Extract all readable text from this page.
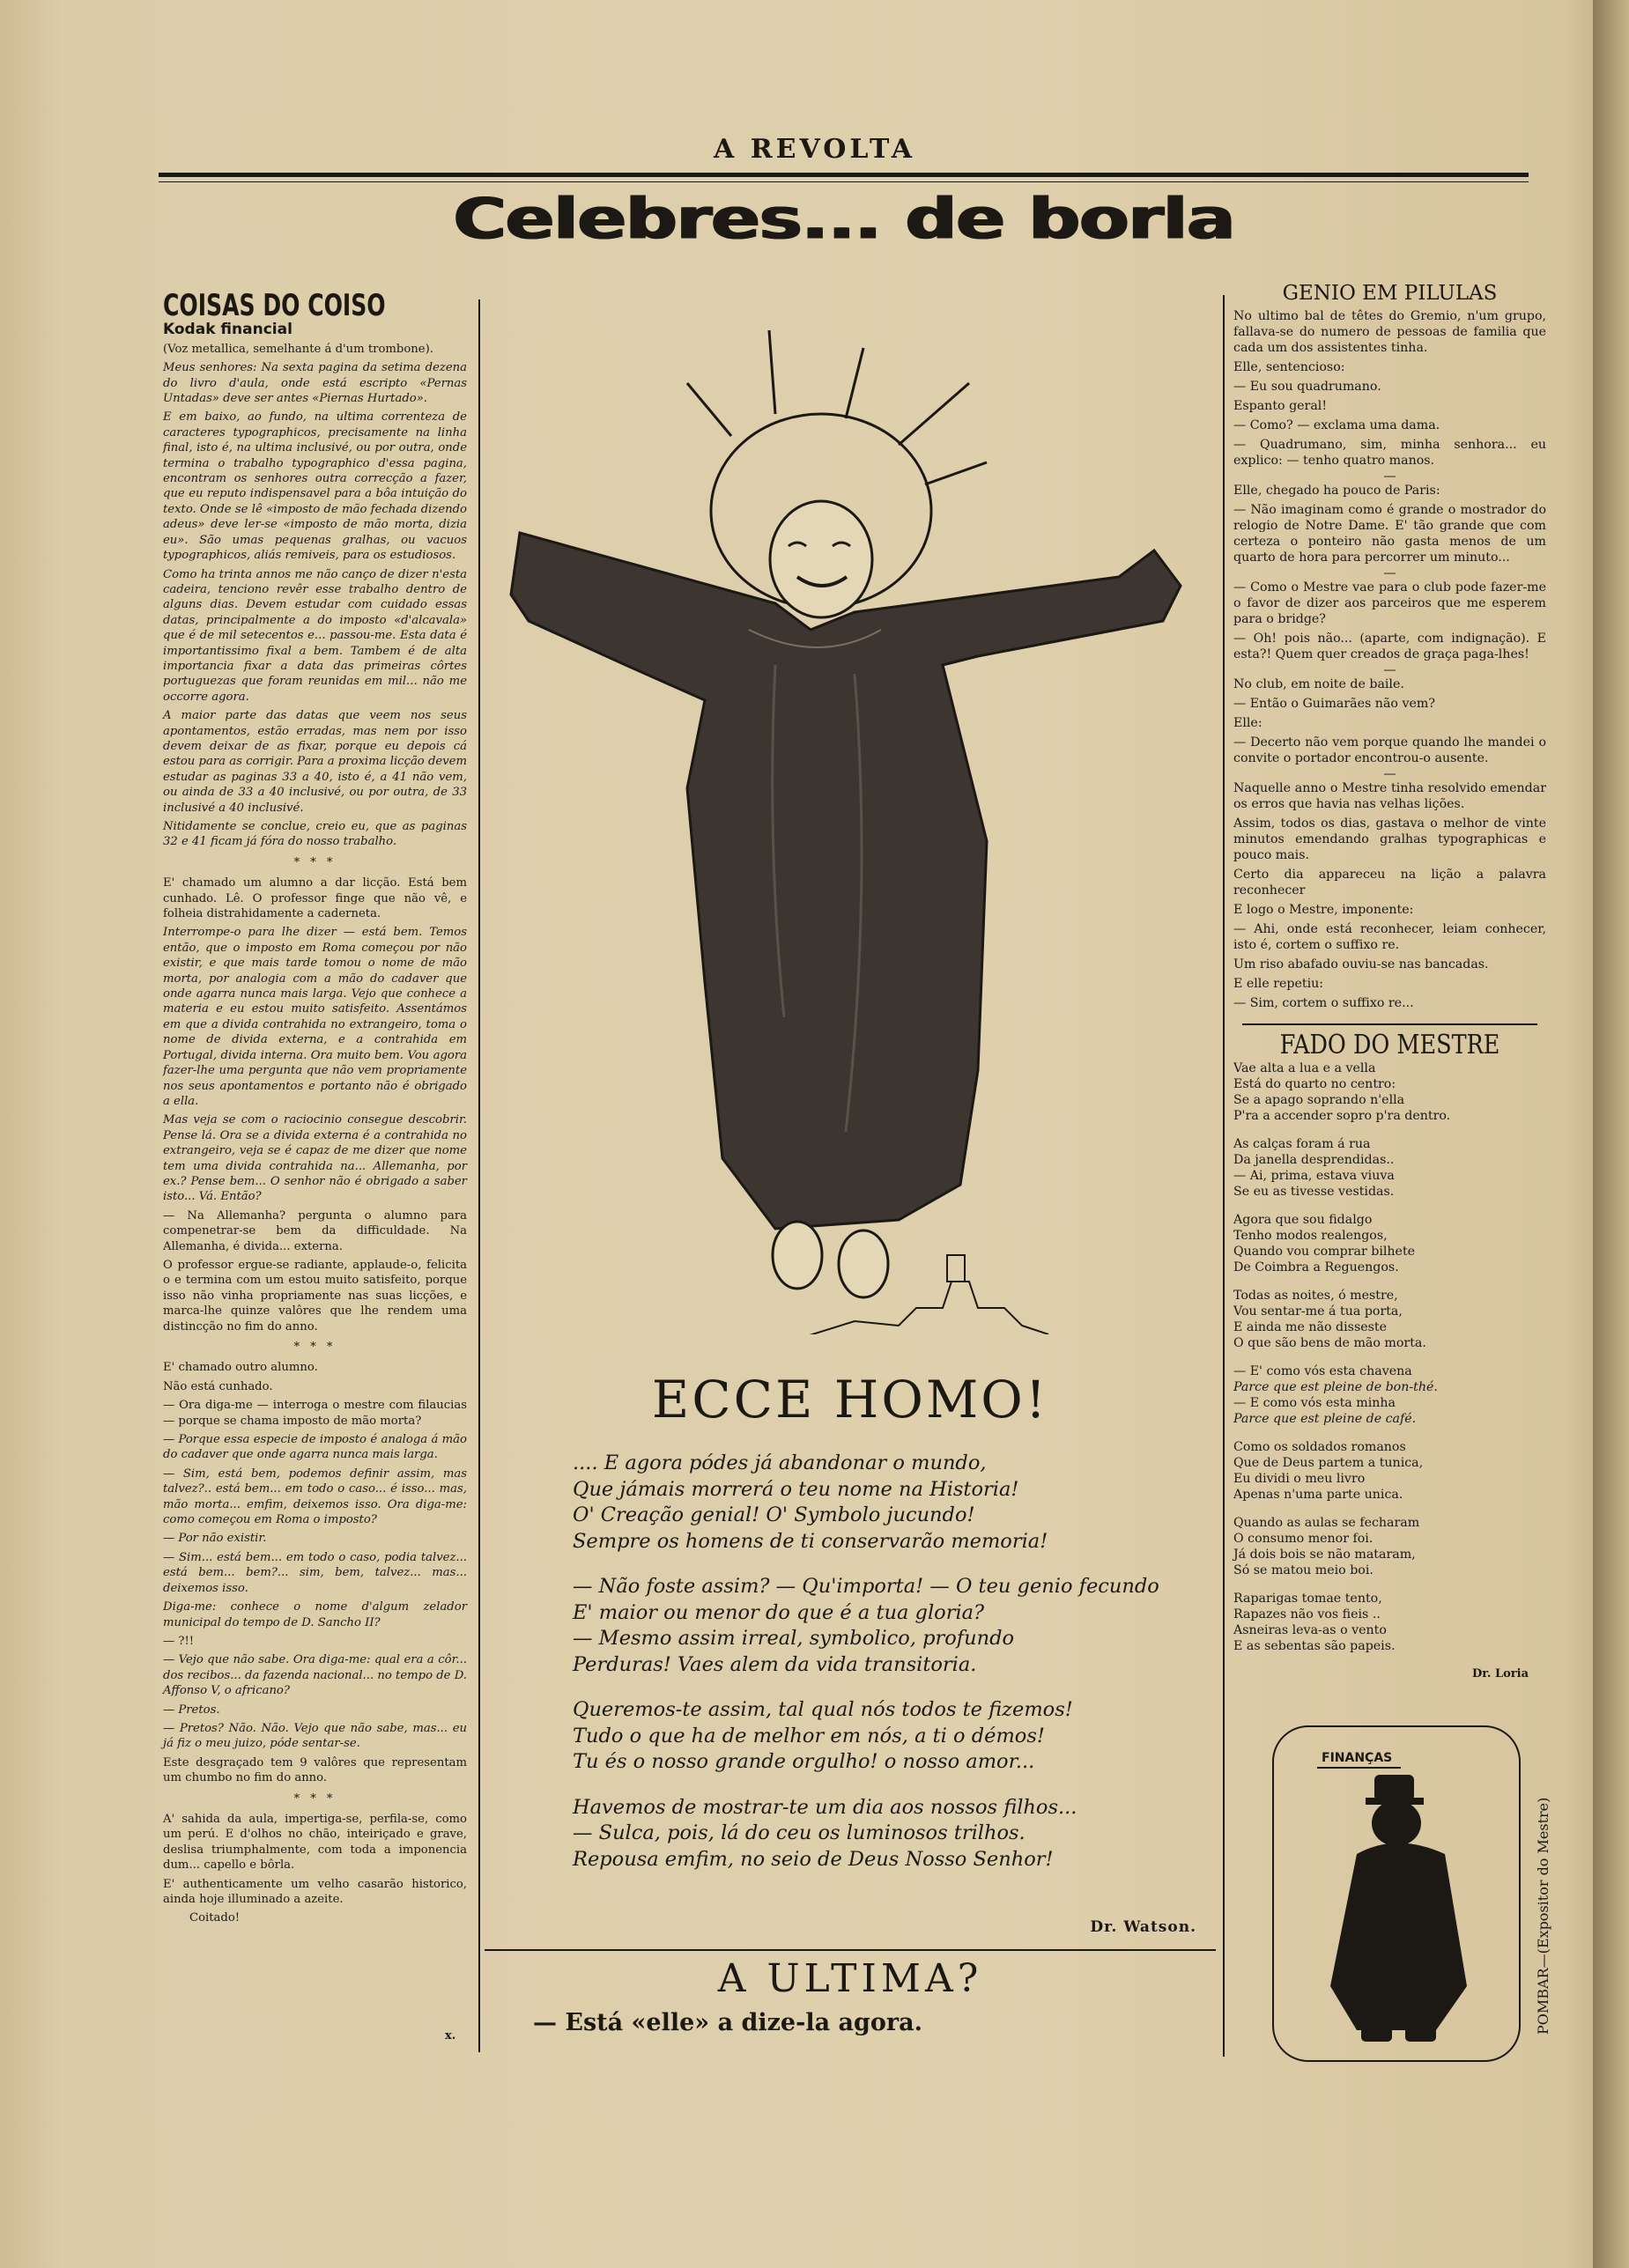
A REVOLTA
Celebres... de borla
COISAS DO COISO
Kodak financial

(Voz metallica, semelhante á d'um trombone).

Meus senhores: Na sexta pagina da setima dezena do livro d'aula, onde está escripto «Pernas Untadas» deve ser antes «Piernas Hurtado».

E em baixo, ao fundo, na ultima correnteza de caracteres typographicos, precisamente na linha final, isto é, na ultima inclusivé, ou por outra, onde termina o trabalho typographico d'essa pagina, encontram os senhores outra correcção a fazer, que eu reputo indispensavel para a bôa intuição do texto. Onde se lê «imposto de mão fechada dizendo adeus» deve ler-se «imposto de mão morta, dizia eu». São umas pequenas gralhas, ou vacuos typographicos, aliás remiveis, para os estudiosos.

Como ha trinta annos me não canço de dizer n'esta cadeira, tenciono revêr esse trabalho dentro de alguns dias. Devem estudar com cuidado essas datas, principalmente a do imposto «d'alcavala» que é de mil setecentos e... passou-me. Esta data é importantissimo fixal a bem. Tambem é de alta importancia fixar a data das primeiras côrtes portuguezas que foram reunidas em mil... não me occorre agora.

A maior parte das datas que veem nos seus apontamentos, estão erradas, mas nem por isso devem deixar de as fixar, porque eu depois cá estou para as corrigir. Para a proxima licção devem estudar as paginas 33 a 40, isto é, a 41 não vem, ou ainda de 33 a 40 inclusivé, ou por outra, de 33 inclusivé a 40 inclusivé.

Nitidamente se conclue, creio eu, que as paginas 32 e 41 ficam já fóra do nosso trabalho.

* * *

E' chamado um alumno a dar licção. Está bem cunhado. Lê. O professor finge que não vê, e folheia distrahidamente a caderneta.

Interrompe-o para lhe dizer — está bem. Temos então, que o imposto em Roma começou por não existir, e que mais tarde tomou o nome de mão morta, por analogia com a mão do cadaver que onde agarra nunca mais larga. Vejo que conhece a materia e eu estou muito satisfeito. Assentámos em que a divida contrahida no extrangeiro, toma o nome de divida externa, e a contrahida em Portugal, divida interna. Ora muito bem. Vou agora fazer-lhe uma pergunta que não vem propriamente nos seus apontamentos e portanto não é obrigado a ella.

Mas veja se com o raciocinio consegue descobrir. Pense lá. Ora se a divida externa é a contrahida no extrangeiro, veja se é capaz de me dizer que nome tem uma divida contrahida na... Allemanha, por ex.? Pense bem... O senhor não é obrigado a saber isto... Vá. Então?

— Na Allemanha? pergunta o alumno para compenetrar-se bem da difficuldade. Na Allemanha, é divida... externa.

O professor ergue-se radiante, applaude-o, felicita o e termina com um estou muito satisfeito, porque isso não vinha propriamente nas suas licções, e marca-lhe quinze valôres que lhe rendem uma distincção no fim do anno.

* * *

E' chamado outro alumno.

Não está cunhado.

— Ora diga-me — interroga o mestre com filaucias — porque se chama imposto de mão morta?

— Porque essa especie de imposto é analoga á mão do cadaver que onde agarra nunca mais larga.

— Sim, está bem, podemos definir assim, mas talvez?.. está bem... em todo o caso... é isso... mas, mão morta... emfim, deixemos isso. Ora diga-me: como começou em Roma o imposto?

— Por não existir.

— Sim... está bem... em todo o caso, podia talvez... está bem... bem?... sim, bem, talvez... mas... deixemos isso.

Diga-me: conhece o nome d'algum zelador municipal do tempo de D. Sancho II?

— ?!!

— Vejo que não sabe. Ora diga-me: qual era a côr... dos recibos... da fazenda nacional... no tempo de D. Affonso V, o africano?

— Pretos.

— Pretos? Não. Não. Vejo que não sabe, mas... eu já fiz o meu juizo, póde sentar-se.

Este desgraçado tem 9 valôres que representam um chumbo no fim do anno.

* * *

A' sahida da aula, impertiga-se, perfila-se, como um perú. E d'olhos no chão, inteiriçado e grave, deslisa triumphalmente, com toda a imponencia dum... capello e bôrla.

E' authenticamente um velho casarão historico, ainda hoje illuminado a azeite.

Coitado!

x.
ECCE HOMO!
.... E agora pódes já abandonar o mundo,
Que jámais morrerá o teu nome na Historia!
O' Creação genial! O' Symbolo jucundo!
Sempre os homens de ti conservarão memoria!
— Não foste assim? — Qu'importa! — O teu genio fecundo
E' maior ou menor do que é a tua gloria?
— Mesmo assim irreal, symbolico, profundo
Perduras! Vaes alem da vida transitoria.
Queremos-te assim, tal qual nós todos te fizemos!
Tudo o que ha de melhor em nós, a ti o démos!
Tu és o nosso grande orgulho! o nosso amor...
Havemos de mostrar-te um dia aos nossos filhos...
— Sulca, pois, lá do ceu os luminosos trilhos.
Repousa emfim, no seio de Deus Nosso Senhor!
Dr. Watson.
A ULTIMA?
— Está «elle» a dize-la agora.
GENIO EM PILULAS

No ultimo bal de têtes do Gremio, n'um grupo, fallava-se do numero de pessoas de familia que cada um dos assistentes tinha.

Elle, sentencioso:

— Eu sou quadrumano.

Espanto geral!

— Como? — exclama uma dama.

— Quadrumano, sim, minha senhora... eu explico: — tenho quatro manos.

—

Elle, chegado ha pouco de Paris:

— Não imaginam como é grande o mostrador do relogio de Notre Dame. E' tão grande que com certeza o ponteiro não gasta menos de um quarto de hora para percorrer um minuto...

—

— Como o Mestre vae para o club pode fazer-me o favor de dizer aos parceiros que me esperem para o bridge?

— Oh! pois não... (aparte, com indignação). E esta?! Quem quer creados de graça paga-lhes!

—

No club, em noite de baile.

— Então o Guimarães não vem?

Elle:

— Decerto não vem porque quando lhe mandei o convite o portador encontrou-o ausente.

—

Naquelle anno o Mestre tinha resolvido emendar os erros que havia nas velhas lições.

Assim, todos os dias, gastava o melhor de vinte minutos emendando gralhas typographicas e pouco mais.

Certo dia appareceu na lição a palavra reconhecer

E logo o Mestre, imponente:

— Ahi, onde está reconhecer, leiam conhecer, isto é, cortem o suffixo re.

Um riso abafado ouviu-se nas bancadas.

E elle repetiu:

— Sim, cortem o suffixo re...

FADO DO MESTRE

Vae alta a lua e a vella

Está do quarto no centro:

Se a apago soprando n'ella

P'ra a accender sopro p'ra dentro.

As calças foram á rua

Da janella desprendidas..

— Ai, prima, estava viuva

Se eu as tivesse vestidas.

Agora que sou fidalgo

Tenho modos realengos,

Quando vou comprar bilhete

De Coimbra a Reguengos.

Todas as noites, ó mestre,

Vou sentar-me á tua porta,

E ainda me não disseste

O que são bens de mão morta.

— E' como vós esta chavena

Parce que est pleine de bon-thé.

— E como vós esta minha

Parce que est pleine de café.

Como os soldados romanos

Que de Deus partem a tunica,

Eu dividi o meu livro

Apenas n'uma parte unica.

Quando as aulas se fecharam

O consumo menor foi.

Já dois bois se não mataram,

Só se matou meio boi.

Raparigas tomae tento,

Rapazes não vos fieis ..

Asneiras leva-as o vento

E as sebentas são papeis.

Dr. Loria
FINANÇAS
POMBAR—(Expositor do Mestre)
